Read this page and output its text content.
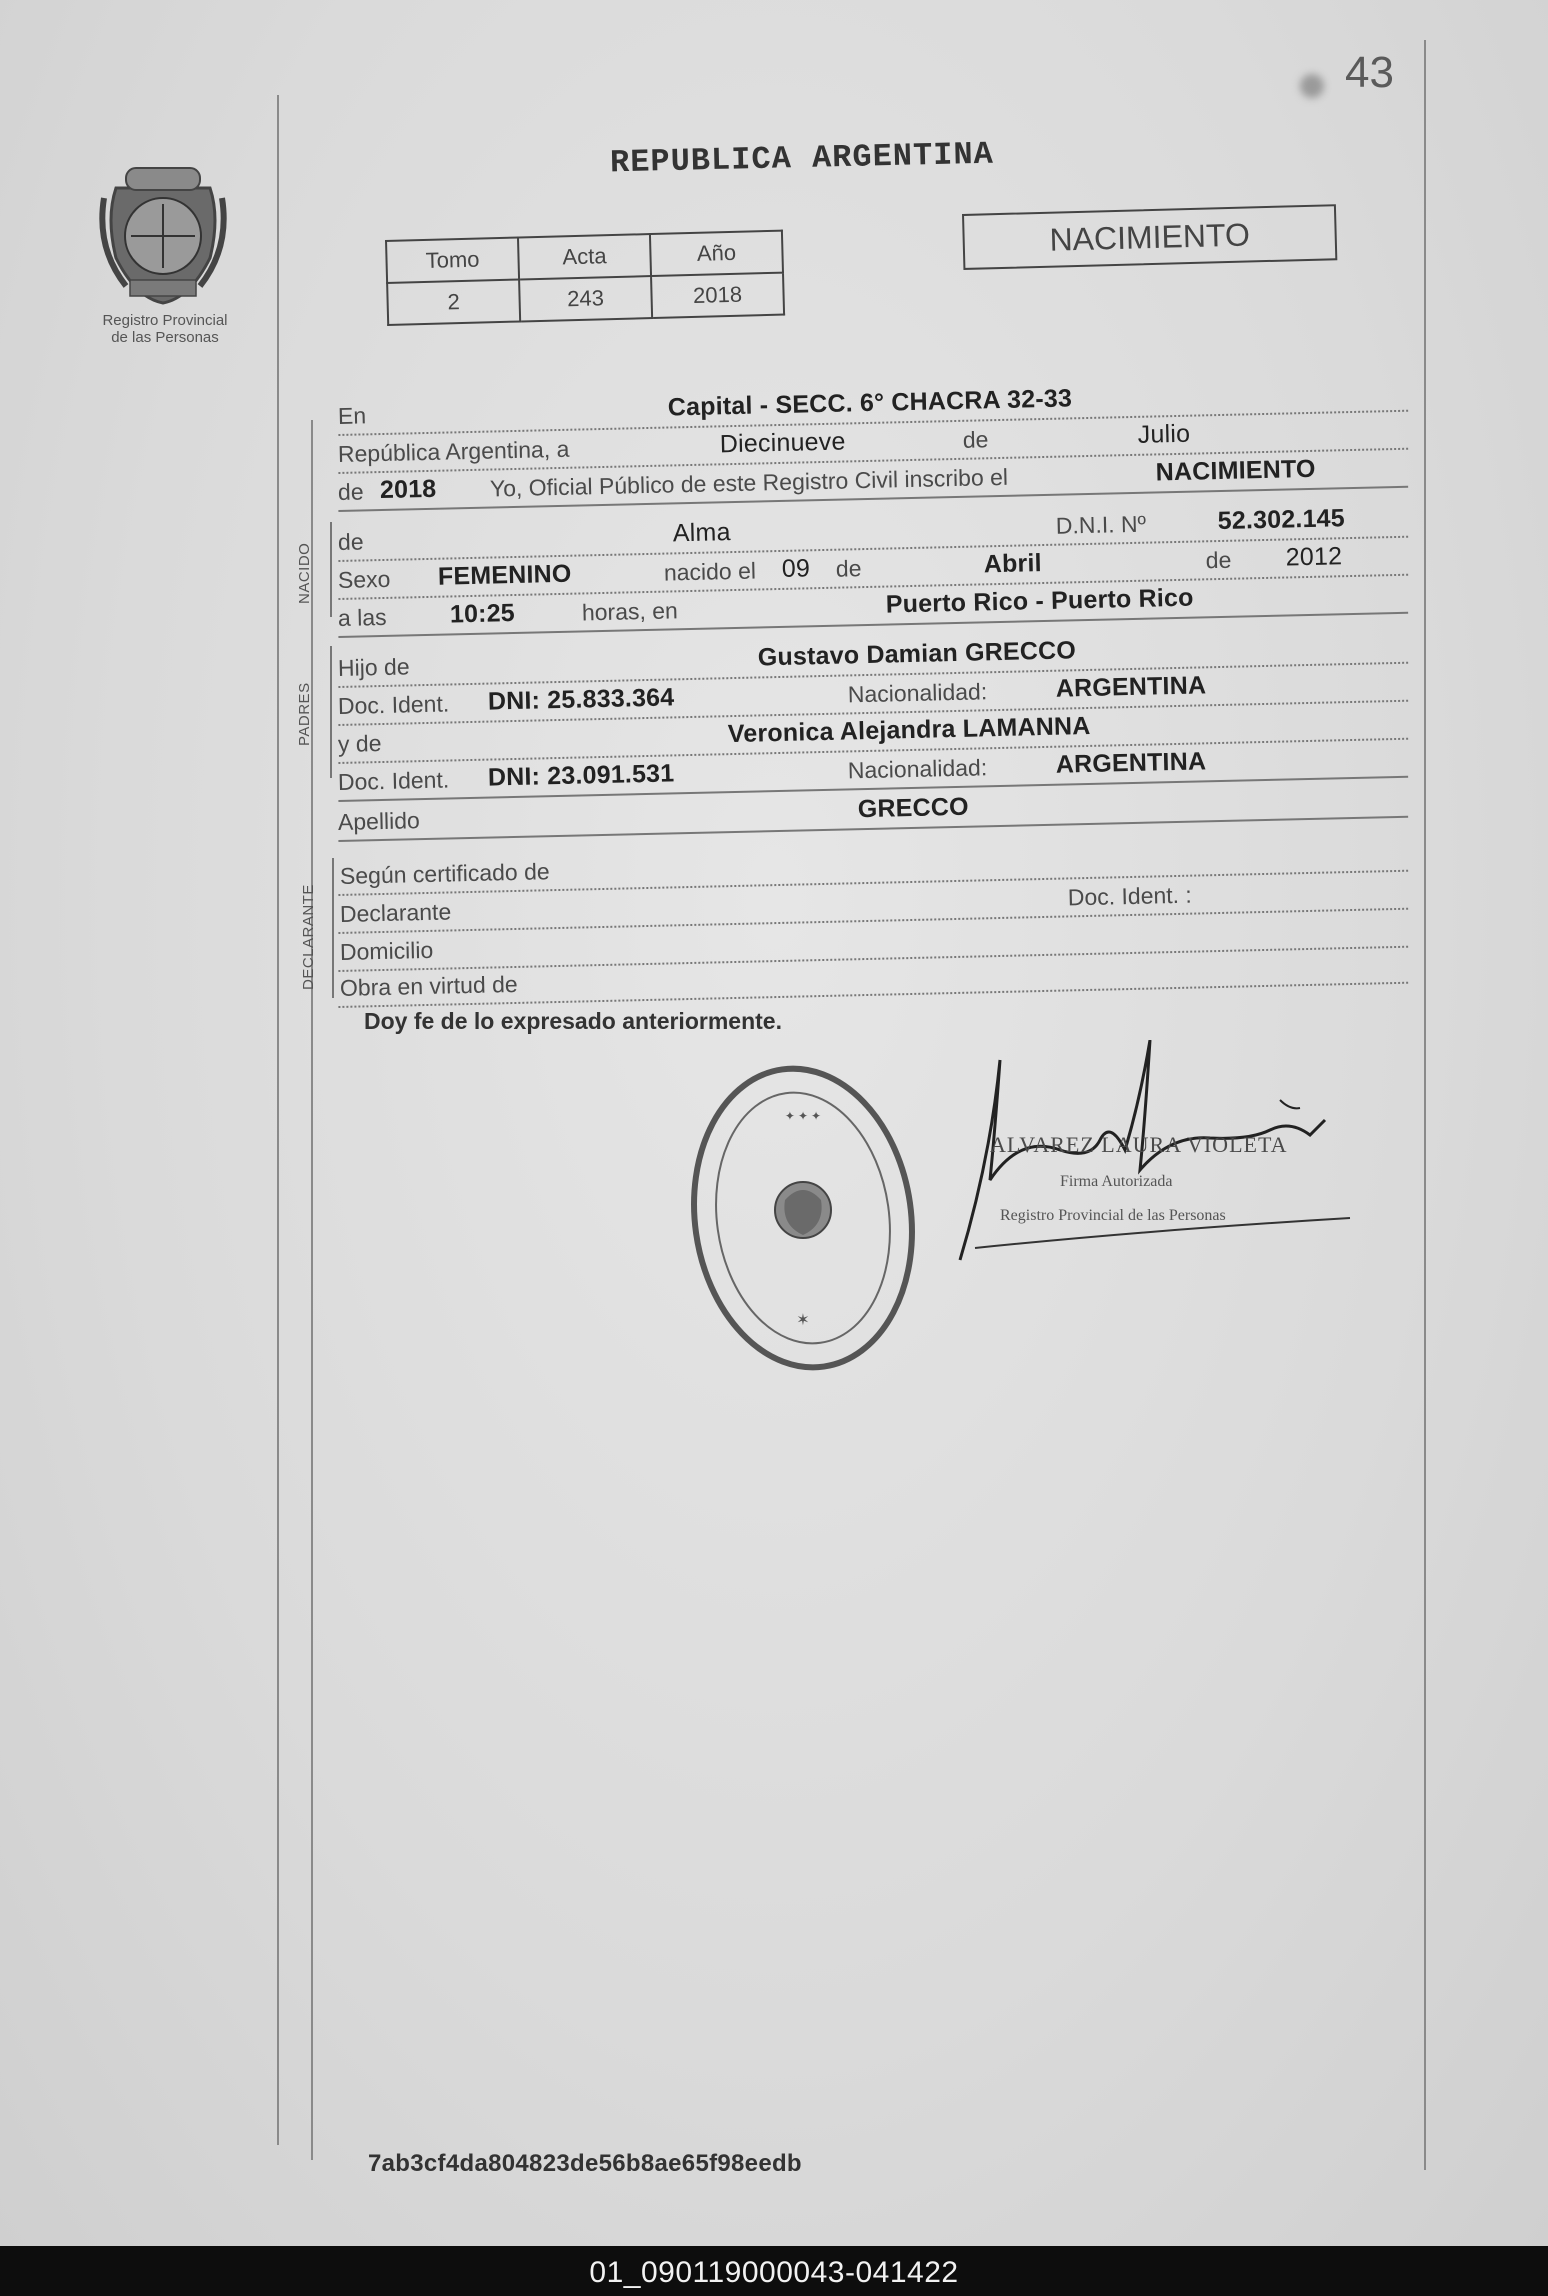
43
Registro Provincial
de las Personas
REPUBLICA ARGENTINA
Tomo	Acta	Año
2	243	2018
NACIMIENTO
En	Capital - SECC. 6° CHACRA 32-33
República Argentina, a	Diecinueve	de	Julio
de 2018 Yo, Oficial Público de este Registro Civil inscribo el	NACIMIENTO
NACIDO
de	Alma	D.N.I. Nº	52.302.145
Sexo FEMENINO	nacido el 09 de	Abril	de 2012
a las	10:25	horas, en	Puerto Rico - Puerto Rico
PADRES
Hijo de	Gustavo Damian GRECCO
Doc. Ident. DNI: 25.833.364	Nacionalidad:	ARGENTINA
y de	Veronica Alejandra LAMANNA
Doc. Ident. DNI: 23.091.531	Nacionalidad:	ARGENTINA
Apellido	GRECCO
DECLARANTE
Según certificado de
Declarante
Doc. Ident. :
Domicilio
Obra en virtud de
Doy fe de lo expresado anteriormente.
✦ ✦ ✦
✶
ALVAREZ LAURA VIOLETA
Firma Autorizada
Registro Provincial de las Personas
7ab3cf4da804823de56b8ae65f98eedb
01_090119000043-041422
